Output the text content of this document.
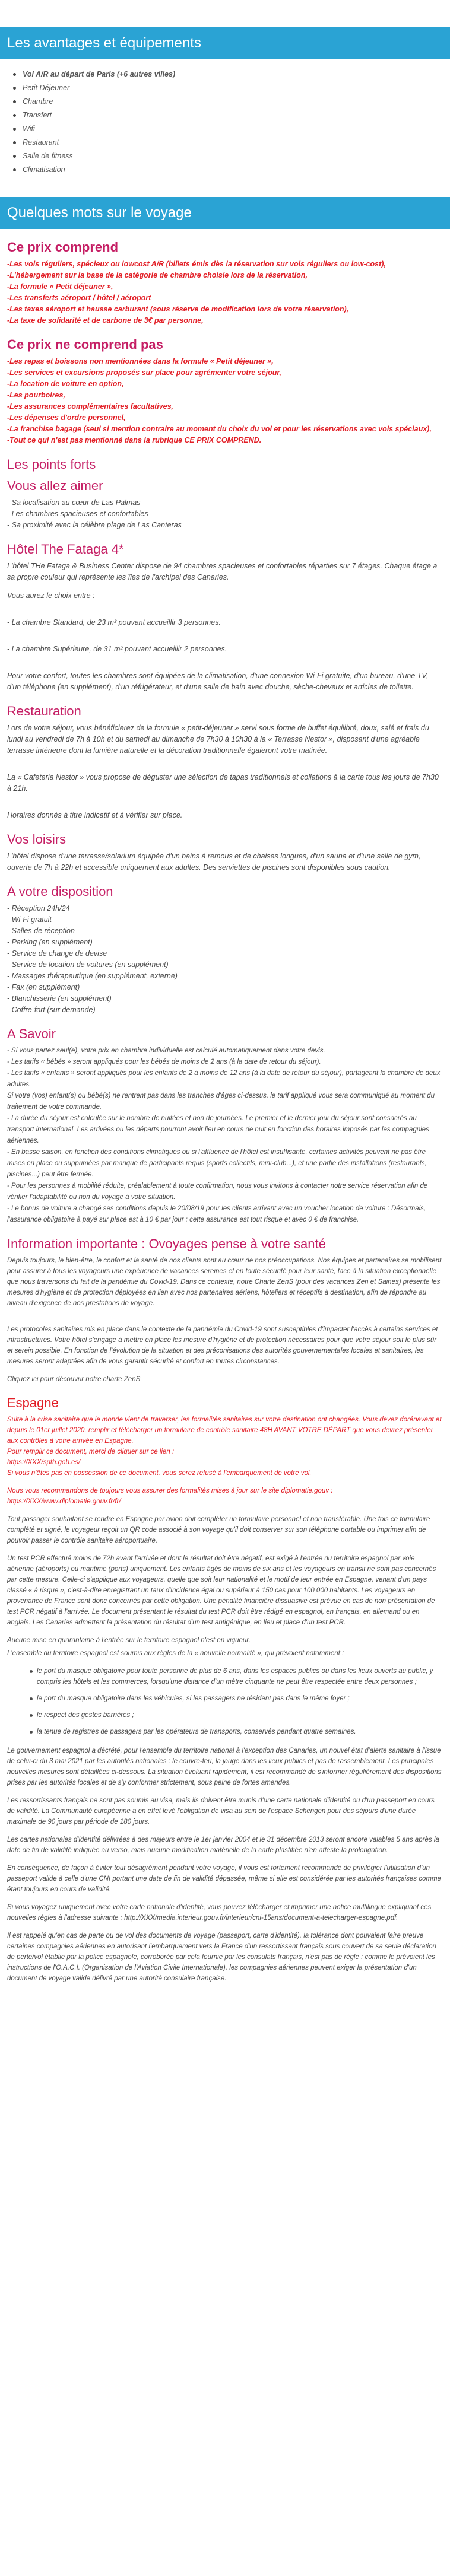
Les avantages et équipements
Vol A/R au départ de Paris (+6 autres villes)
Petit Déjeuner
Chambre
Transfert
Wifi
Restaurant
Salle de fitness
Climatisation
Quelques mots sur le voyage
Ce prix comprend
-Les vols réguliers, spécieux ou lowcost A/R (billets émis dès la réservation sur vols réguliers ou low-cost),
-L'hébergement sur la base de la catégorie de chambre choisie lors de la réservation,
-La formule « Petit déjeuner »,
-Les transferts aéroport / hôtel / aéroport
-Les taxes aéroport et hausse carburant (sous réserve de modification lors de votre réservation),
-La taxe de solidarité et de carbone de 3€ par personne,
Ce prix ne comprend pas
-Les repas et boissons non mentionnées dans la formule « Petit déjeuner »,
-Les services et excursions proposés sur place pour agrémenter votre séjour,
-La location de voiture en option,
-Les pourboires,
-Les assurances complémentaires facultatives,
-Les dépenses d'ordre personnel,
-La franchise bagage (seul si mention contraire au moment du choix du vol et pour les réservations avec vols spéciaux),
-Tout ce qui n'est pas mentionné dans la rubrique CE PRIX COMPREND.
Les points forts
Vous allez aimer
- Sa localisation au cœur de Las Palmas
- Les chambres spacieuses et confortables
- Sa proximité avec la célèbre plage de Las Canteras
Hôtel The Fataga 4*

L'hôtel THe Fataga & Business Center dispose de 94 chambres spacieuses et confortables réparties sur 7 étages. Chaque étage a sa propre couleur qui représente les îles de l'archipel des Canaries.

Vous aurez le choix entre :

- La chambre Standard, de 23 m² pouvant accueillir 3 personnes.

- La chambre Supérieure, de 31 m² pouvant accueillir 2 personnes.

Pour votre confort, toutes les chambres sont équipées de la climatisation, d'une connexion Wi-Fi gratuite, d'un bureau, d'une TV, d'un téléphone (en supplément), d'un réfrigérateur, et d'une salle de bain avec douche, sèche-cheveux et articles de toilette.

Restauration

Lors de votre séjour, vous bénéficierez de la formule « petit-déjeuner » servi sous forme de buffet équilibré, doux, salé et frais du lundi au vendredi de 7h à 10h et du samedi au dimanche de 7h30 à 10h30 à la « Terrasse Nestor », disposant d'une agréable terrasse intérieure dont la lumière naturelle et la décoration traditionnelle égaieront votre matinée.

La « Cafeteria Nestor » vous propose de déguster une sélection de tapas traditionnels et collations à la carte tous les jours de 7h30 à 21h.

Horaires donnés à titre indicatif et à vérifier sur place.

Vos loisirs

L'hôtel dispose d'une terrasse/solarium équipée d'un bains à remous et de chaises longues, d'un sauna et d'une salle de gym, ouverte de 7h à 22h et accessible uniquement aux adultes. Des serviettes de piscines sont disponibles sous caution.

A votre disposition
- Réception 24h/24
- Wi-Fi gratuit
- Salles de réception
- Parking (en supplément)
- Service de change de devise
- Service de location de voitures (en supplément)
- Massages thérapeutique (en supplément, externe)
- Fax (en supplément)
- Blanchisserie (en supplément)
- Coffre-fort (sur demande)
A Savoir
- Si vous partez seul(e), votre prix en chambre individuelle est calculé automatiquement dans votre devis.
- Les tarifs « bébés » seront appliqués pour les bébés de moins de 2 ans (à la date de retour du séjour).
- Les tarifs « enfants » seront appliqués pour les enfants de 2 à moins de 12 ans (à la date de retour du séjour), partageant la chambre de deux adultes.
Si votre (vos) enfant(s) ou bébé(s) ne rentrent pas dans les tranches d'âges ci-dessus, le tarif appliqué vous sera communiqué au moment du traitement de votre commande.
- La durée du séjour est calculée sur le nombre de nuitées et non de journées. Le premier et le dernier jour du séjour sont consacrés au transport international. Les arrivées ou les départs pourront avoir lieu en cours de nuit en fonction des horaires imposés par les compagnies aériennes.
- En basse saison, en fonction des conditions climatiques ou si l'affluence de l'hôtel est insuffisante, certaines activités peuvent ne pas être mises en place ou supprimées par manque de participants requis (sports collectifs, mini-club...), et une partie des installations (restaurants, piscines...) peut être fermée.
- Pour les personnes à mobilité réduite, préalablement à toute confirmation, nous vous invitons à contacter notre service réservation afin de vérifier l'adaptabilité ou non du voyage à votre situation.
- Le bonus de voiture a changé ses conditions depuis le 20/08/19 pour les clients arrivant avec un voucher location de voiture : Désormais, l'assurance obligatoire à payé sur place est à 10 € par jour : cette assurance est tout risque et avec 0 € de franchise.
Information importante : Ovoyages pense à votre santé

Depuis toujours, le bien-être, le confort et la santé de nos clients sont au cœur de nos préoccupations. Nos équipes et partenaires se mobilisent pour assurer à tous les voyageurs une expérience de vacances sereines et en toute sécurité pour leur santé, face à la situation exceptionnelle que nous traversons du fait de la pandémie du Covid-19. Dans ce contexte, notre Charte ZenS (pour des vacances Zen et Saines) présente les mesures d'hygiène et de protection déployées en lien avec nos partenaires aériens, hôteliers et réceptifs à destination, afin de répondre au niveau d'exigence de nos prestations de voyage.

Les protocoles sanitaires mis en place dans le contexte de la pandémie du Covid-19 sont susceptibles d'impacter l'accès à certains services et infrastructures. Votre hôtel s'engage à mettre en place les mesure d'hygiène et de protection nécessaires pour que votre séjour soit le plus sûr et serein possible. En fonction de l'évolution de la situation et des préconisations des autorités gouvernementales locales et sanitaires, les mesures seront adaptées afin de vous garantir sécurité et confort en toutes circonstances.

Cliquez ici pour découvrir notre charte ZenS

Espagne

Suite à la crise sanitaire que le monde vient de traverser, les formalités sanitaires sur votre destination ont changées. Vous devez dorénavant et depuis le 01er juillet 2020, remplir et télécharger un formulaire de contrôle sanitaire 48H AVANT VOTRE DÉPART que vous devrez présenter aux contrôles à votre arrivée en Espagne.
Pour remplir ce document, merci de cliquer sur ce lien :
https://XXX/spth.gob.es/
Si vous n'êtes pas en possession de ce document, vous serez refusé à l'embarquement de votre vol.

Nous vous recommandons de toujours vous assurer des formalités mises à jour sur le site diplomatie.gouv : https://XXX/www.diplomatie.gouv.fr/fr/

Tout passager souhaitant se rendre en Espagne par avion doit compléter un formulaire personnel et non transférable. Une fois ce formulaire complété et signé, le voyageur reçoit un QR code associé à son voyage qu'il doit conserver sur son téléphone portable ou imprimer afin de pouvoir passer le contrôle sanitaire aéroportuaire.

Un test PCR effectué moins de 72h avant l'arrivée et dont le résultat doit être négatif, est exigé à l'entrée du territoire espagnol par voie aérienne (aéroports) ou maritime (ports) uniquement. Les enfants âgés de moins de six ans et les voyageurs en transit ne sont pas concernés par cette mesure. Celle-ci s'applique aux voyageurs, quelle que soit leur nationalité et le motif de leur entrée en Espagne, venant d'un pays classé « à risque », c'est-à-dire enregistrant un taux d'incidence égal ou supérieur à 150 cas pour 100 000 habitants. Les voyageurs en provenance de France sont donc concernés par cette obligation. Une pénalité financière dissuasive est prévue en cas de non présentation de test PCR négatif à l'arrivée. Le document présentant le résultat du test PCR doit être rédigé en espagnol, en français, en allemand ou en anglais. Les Canaries admettent la présentation du résultat d'un test antigénique, en lieu et place d'un test PCR.

Aucune mise en quarantaine à l'entrée sur le territoire espagnol n'est en vigueur.

L'ensemble du territoire espagnol est soumis aux règles de la « nouvelle normalité », qui prévoient notamment :

le port du masque obligatoire pour toute personne de plus de 6 ans, dans les espaces publics ou dans les lieux ouverts au public, y compris les hôtels et les commerces, lorsqu'une distance d'un mètre cinquante ne peut être respectée entre deux personnes ;
le port du masque obligatoire dans les véhicules, si les passagers ne résident pas dans le même foyer ;
le respect des gestes barrières ;
la tenue de registres de passagers par les opérateurs de transports, conservés pendant quatre semaines.

Le gouvernement espagnol a décrété, pour l'ensemble du territoire national à l'exception des Canaries, un nouvel état d'alerte sanitaire à l'issue de celui-ci du 3 mai 2021 par les autorités nationales : le couvre-feu, la jauge dans les lieux publics et pas de rassemblement. Les principales nouvelles mesures sont détaillées ci-dessous. La situation évoluant rapidement, il est recommandé de s'informer régulièrement des dispositions prises par les autorités locales et de s'y conformer strictement, sous peine de fortes amendes.

Les ressortissants français ne sont pas soumis au visa, mais ils doivent être munis d'une carte nationale d'identité ou d'un passeport en cours de validité. La Communauté européenne a en effet levé l'obligation de visa au sein de l'espace Schengen pour des séjours d'une durée maximale de 90 jours par période de 180 jours.

Les cartes nationales d'identité délivrées à des majeurs entre le 1er janvier 2004 et le 31 décembre 2013 seront encore valables 5 ans après la date de fin de validité indiquée au verso, mais aucune modification matérielle de la carte plastifiée n'en atteste la prolongation.

En conséquence, de façon à éviter tout désagrément pendant votre voyage, il vous est fortement recommandé de privilégier l'utilisation d'un passeport valide à celle d'une CNI portant une date de fin de validité dépassée, même si elle est considérée par les autorités françaises comme étant toujours en cours de validité.

Si vous voyagez uniquement avec votre carte nationale d'identité, vous pouvez télécharger et imprimer une notice multilingue expliquant ces nouvelles règles à l'adresse suivante : http://XXX/media.interieur.gouv.fr/interieur/cni-15ans/document-a-telecharger-espagne.pdf.

Il est rappelé qu'en cas de perte ou de vol des documents de voyage (passeport, carte d'identité), la tolérance dont pouvaient faire preuve certaines compagnies aériennes en autorisant l'embarquement vers la France d'un ressortissant français sous couvert de sa seule déclaration de perte/vol établie par la police espagnole, corroborée par cela fournie par les consulats français, n'est pas de règle : comme le prévoient les instructions de l'O.A.C.I. (Organisation de l'Aviation Civile Internationale), les compagnies aériennes peuvent exiger la présentation d'un document de voyage valide délivré par une autorité consulaire française.
